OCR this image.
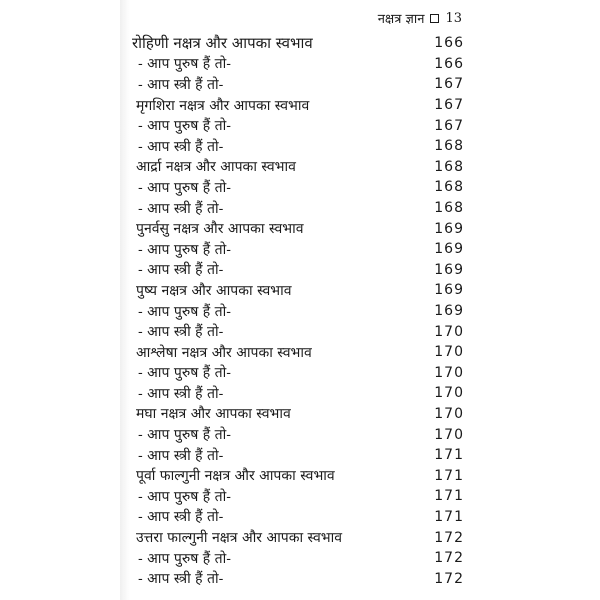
नक्षत्र ज्ञान 13
रोहिणी नक्षत्र और आपका स्वभाव	166
- आप पुरुष हैं तो-	166
- आप स्त्री हैं तो-	167
मृगशिरा नक्षत्र और आपका स्वभाव	167
- आप पुरुष हैं तो-	167
- आप स्त्री हैं तो-	168
आर्द्रा नक्षत्र और आपका स्वभाव	168
- आप पुरुष हैं तो-	168
- आप स्त्री हैं तो-	168
पुनर्वसु नक्षत्र और आपका स्वभाव	169
- आप पुरुष हैं तो-	169
- आप स्त्री हैं तो-	169
पुष्य नक्षत्र और आपका स्वभाव	169
- आप पुरुष हैं तो-	169
- आप स्त्री हैं तो-	170
आश्लेषा नक्षत्र और आपका स्वभाव	170
- आप पुरुष हैं तो-	170
- आप स्त्री हैं तो-	170
मघा नक्षत्र और आपका स्वभाव	170
- आप पुरुष हैं तो-	170
- आप स्त्री हैं तो-	171
पूर्वा फाल्गुनी नक्षत्र और आपका स्वभाव	171
- आप पुरुष हैं तो-	171
- आप स्त्री हैं तो-	171
उत्तरा फाल्गुनी नक्षत्र और आपका स्वभाव	172
- आप पुरुष हैं तो-	172
- आप स्त्री हैं तो-	172
